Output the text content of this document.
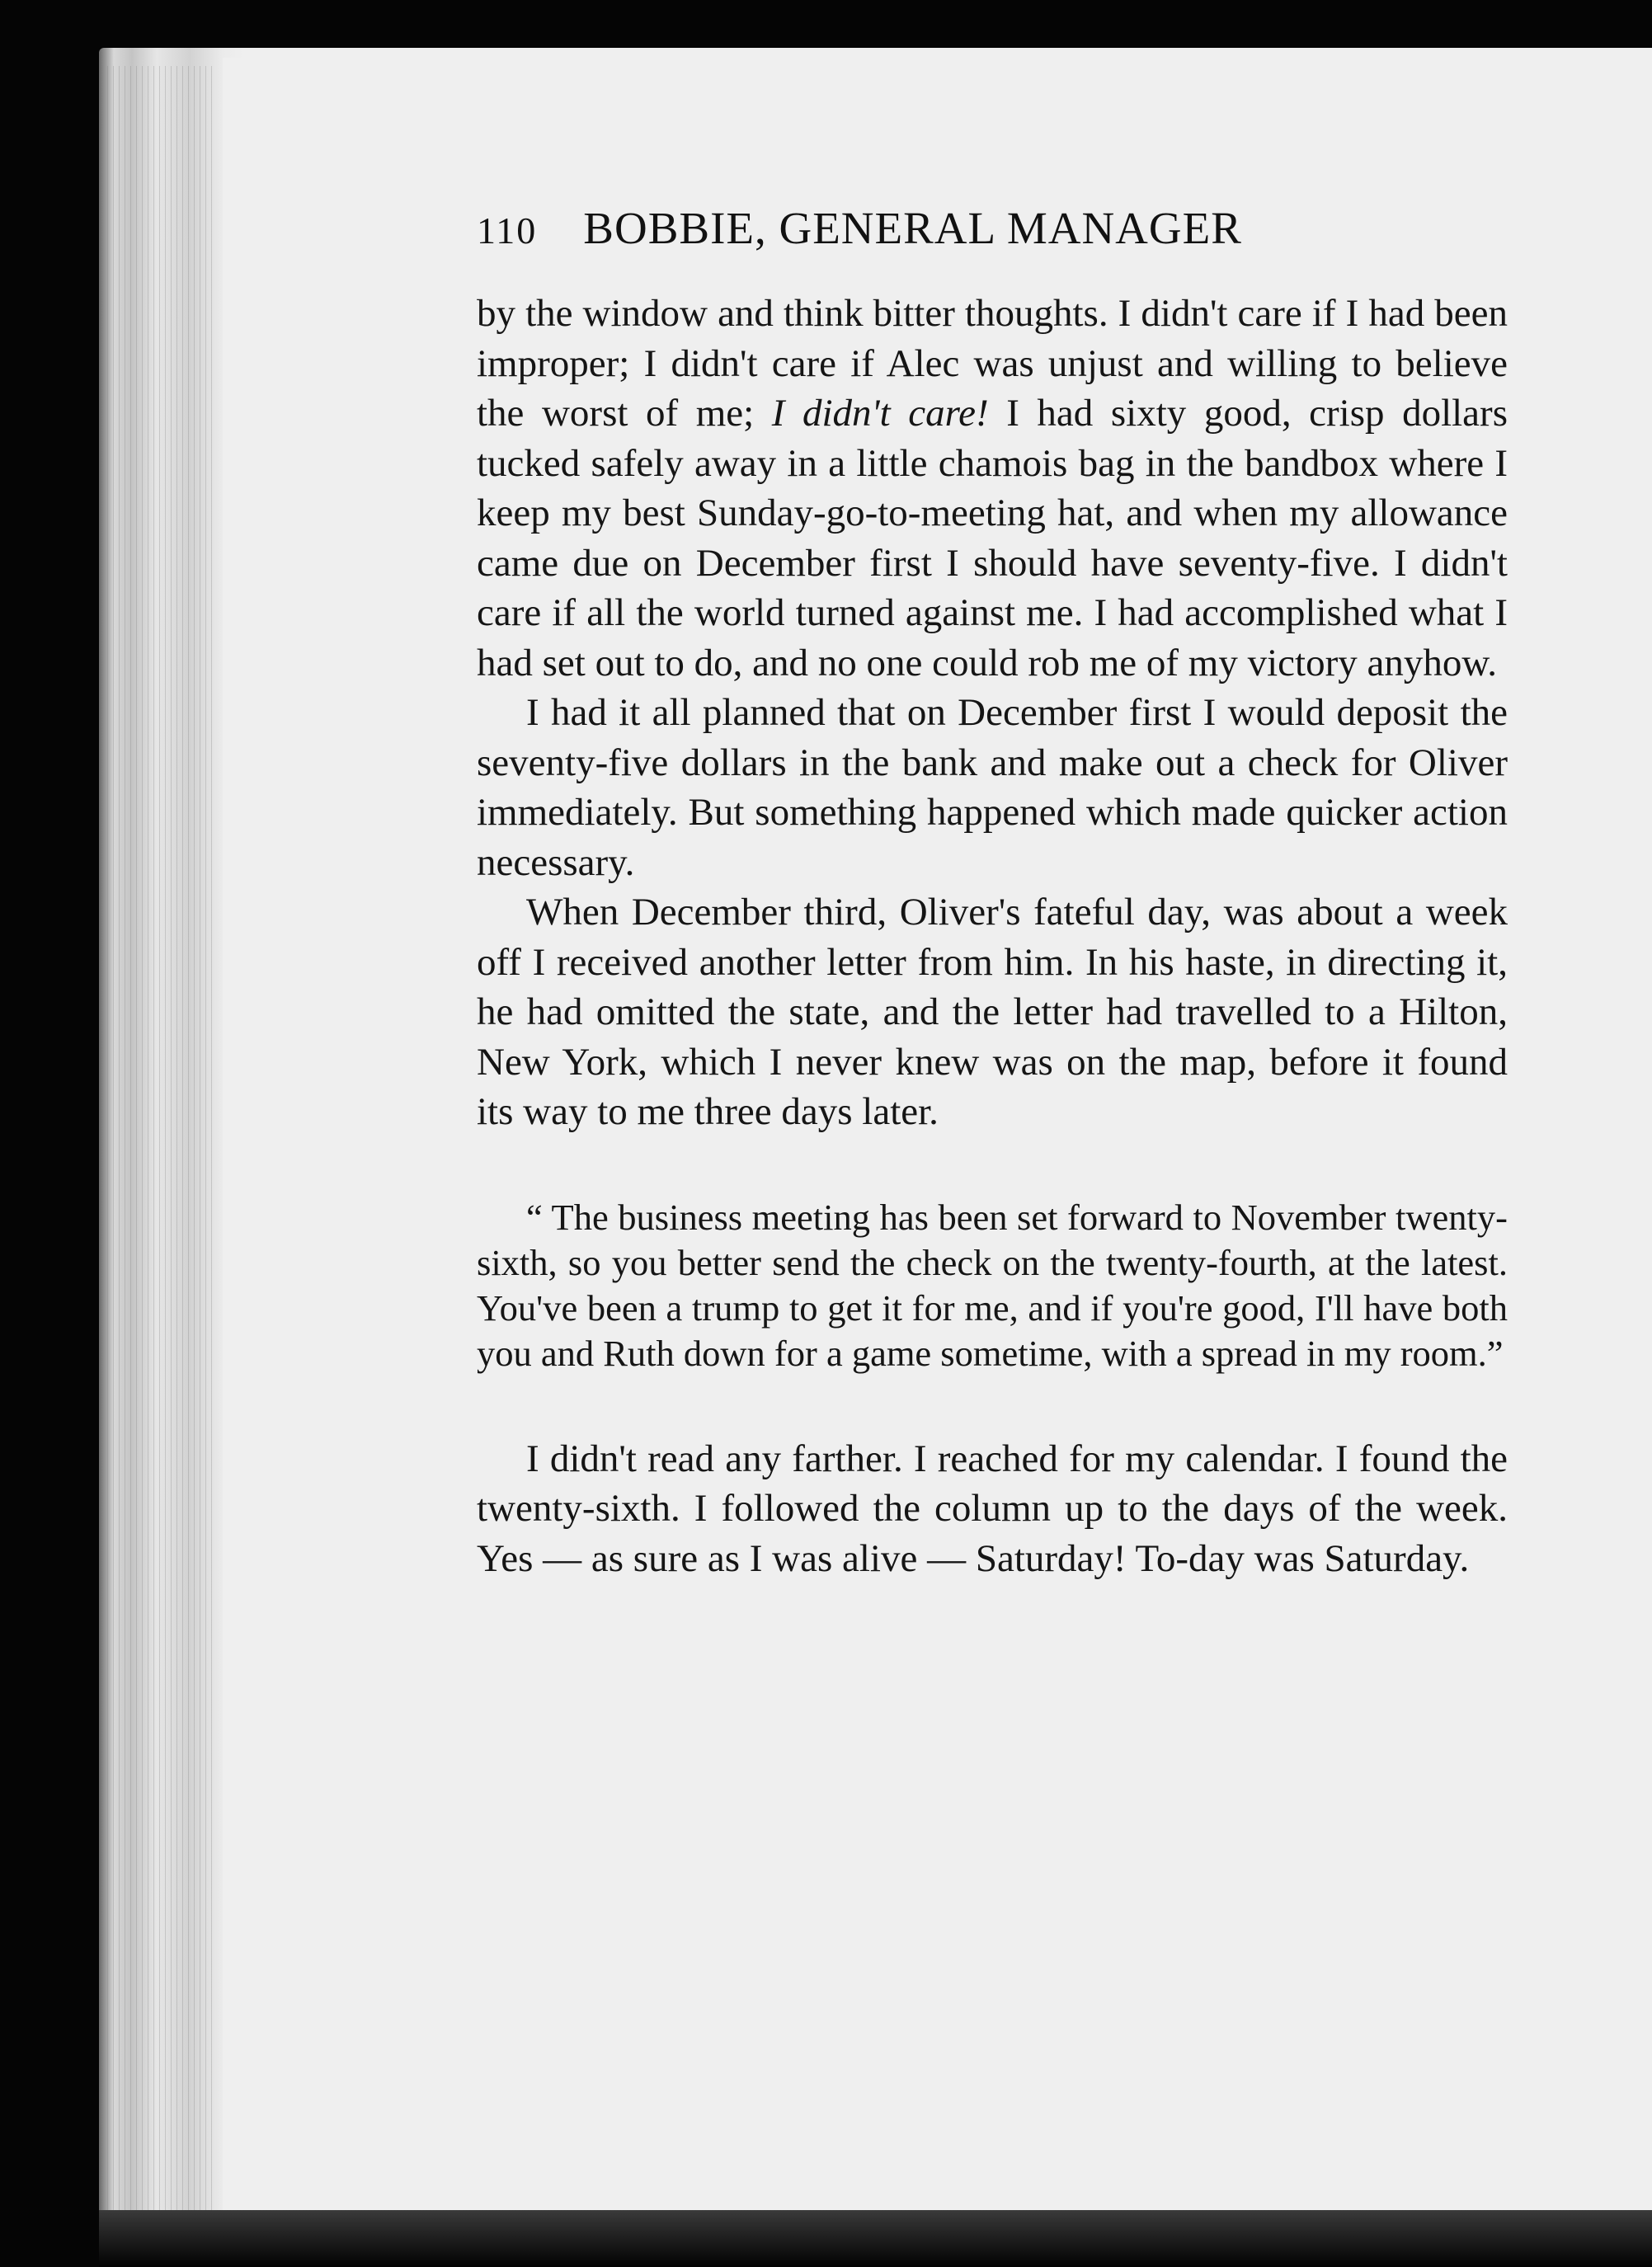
110 BOBBIE, GENERAL MANAGER

by the window and think bitter thoughts. I didn't care if I had been improper; I didn't care if Alec was unjust and willing to believe the worst of me; I didn't care! I had sixty good, crisp dollars tucked safely away in a little chamois bag in the bandbox where I keep my best Sunday-go-to-meeting hat, and when my allowance came due on December first I should have seventy-five. I didn't care if all the world turned against me. I had accomplished what I had set out to do, and no one could rob me of my victory anyhow.

I had it all planned that on December first I would deposit the seventy-five dollars in the bank and make out a check for Oliver immediately. But something happened which made quicker action necessary.

When December third, Oliver's fateful day, was about a week off I received another letter from him. In his haste, in directing it, he had omitted the state, and the letter had travelled to a Hilton, New York, which I never knew was on the map, before it found its way to me three days later.

“ The business meeting has been set forward to November twenty-sixth, so you better send the check on the twenty-fourth, at the latest. You've been a trump to get it for me, and if you're good, I'll have both you and Ruth down for a game sometime, with a spread in my room.”

I didn't read any farther. I reached for my calendar. I found the twenty-sixth. I followed the column up to the days of the week. Yes — as sure as I was alive — Saturday! To-day was Saturday.
